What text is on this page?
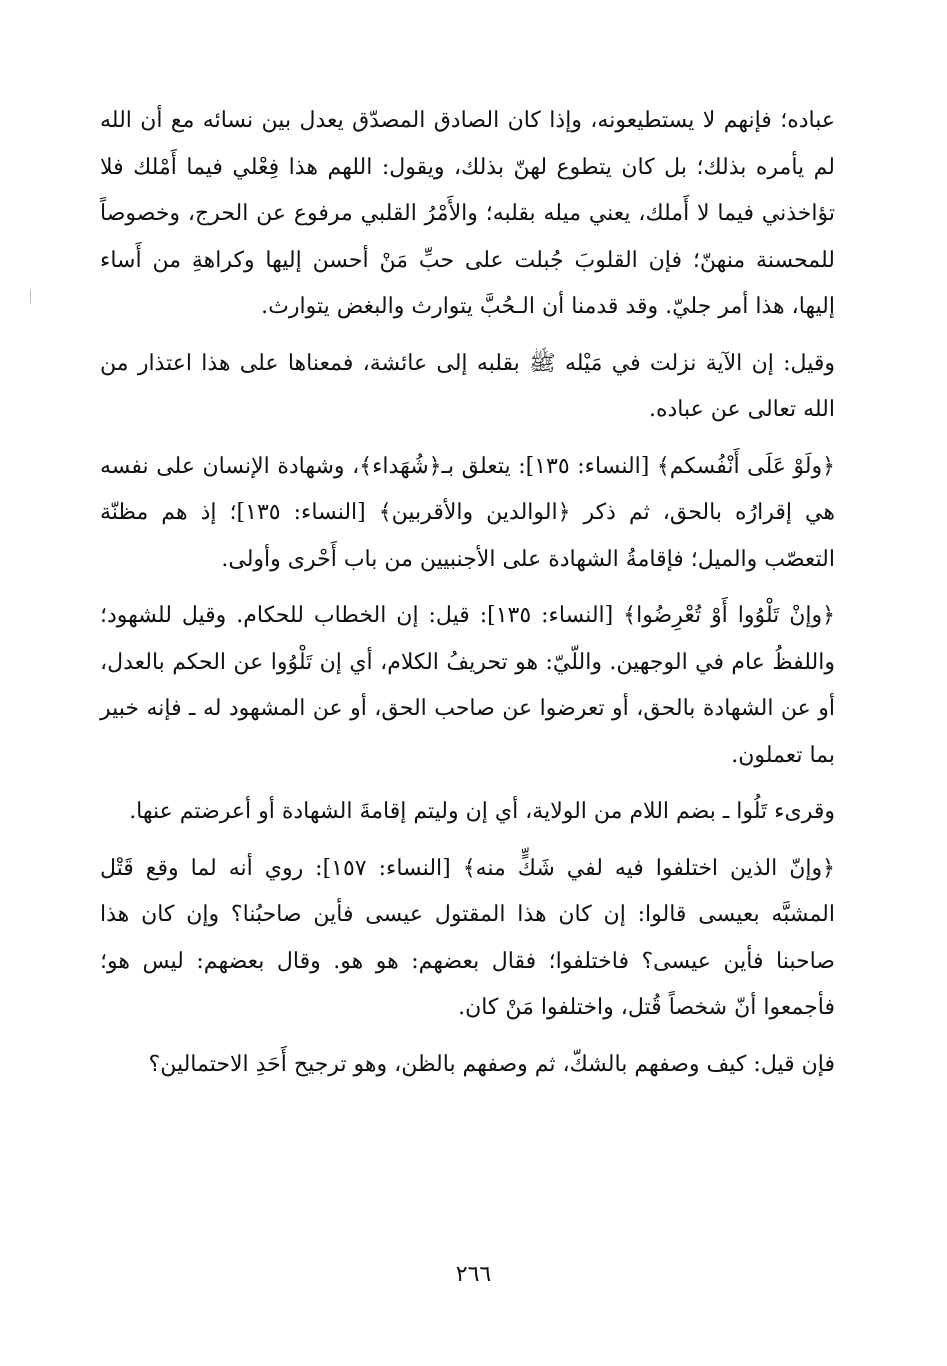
عباده؛ فإنهم لا يستطيعونه، وإذا كان الصادق المصدّق يعدل بين نسائه مع أن الله لم يأمره بذلك؛ بل كان يتطوع لهنّ بذلك، ويقول: اللهم هذا فِعْلي فيما أَمْلك فلا تؤاخذني فيما لا أَملك، يعني ميله بقلبه؛ والأَمْرُ القلبي مرفوع عن الحرج، وخصوصاً للمحسنة منهنّ؛ فإن القلوبَ جُبلت على حبِّ مَنْ أحسن إليها وكراهةِ من أَساء إليها، هذا أمر جليّ. وقد قدمنا أن الـحُبَّ يتوارث والبغض يتوارث.

وقيل: إن الآية نزلت في مَيْله ﷺ بقلبه إلى عائشة، فمعناها على هذا اعتذار من الله تعالى عن عباده.

﴿ولَوْ عَلَى أَنْفُسكم﴾ [النساء: ١٣٥]: يتعلق بـ﴿شُهَداء﴾، وشهادة الإنسان على نفسه هي إقرارُه بالحق، ثم ذكر ﴿الوالدين والأقربين﴾ [النساء: ١٣٥]؛ إذ هم مظنّة التعصّب والميل؛ فإقامةُ الشهادة على الأجنبيين من باب أَحْرى وأولى.

﴿وإنْ تَلْوُوا أَوْ تُعْرِضُوا﴾ [النساء: ١٣٥]: قيل: إن الخطاب للحكام. وقيل للشهود؛ واللفظُ عام في الوجهين. واللّيّ: هو تحريفُ الكلام، أي إن تَلْوُوا عن الحكم بالعدل، أو عن الشهادة بالحق، أو تعرضوا عن صاحب الحق، أو عن المشهود له ـ فإنه خبير بما تعملون.

وقرىء تَلُوا ـ بضم اللام من الولاية، أي إن وليتم إقامةَ الشهادة أو أعرضتم عنها.

﴿وإنّ الذين اختلفوا فيه لفي شَكٍّ منه﴾ [النساء: ١٥٧]: روي أنه لما وقع قَتْل المشبَّه بعيسى قالوا: إن كان هذا المقتول عيسى فأين صاحبُنا؟ وإن كان هذا صاحبنا فأين عيسى؟ فاختلفوا؛ فقال بعضهم: هو هو. وقال بعضهم: ليس هو؛ فأجمعوا أنّ شخصاً قُتل، واختلفوا مَنْ كان.

فإن قيل: كيف وصفهم بالشكّ، ثم وصفهم بالظن، وهو ترجيح أَحَدِ الاحتمالين؟

٢٦٦
